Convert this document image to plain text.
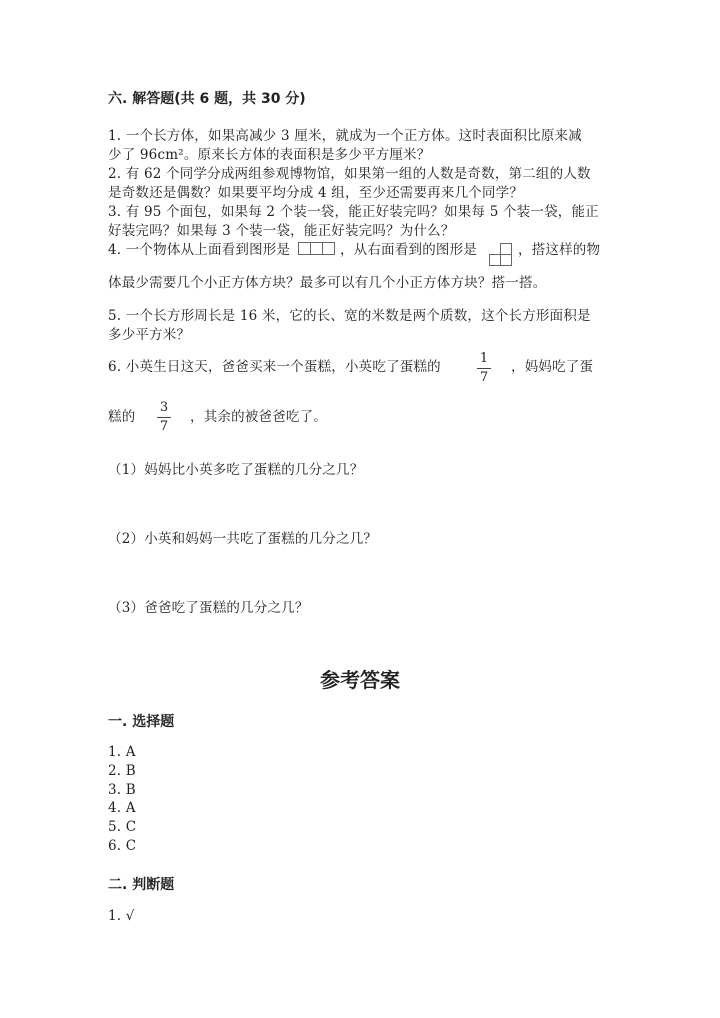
六. 解答题(共 6 题，共 30 分)
1. 一个长方体，如果高减少 3 厘米，就成为一个正方体。这时表面积比原来减
少了 96cm²。原来长方体的表面积是多少平方厘米？
2. 有 62 个同学分成两组参观博物馆，如果第一组的人数是奇数，第二组的人数
是奇数还是偶数？如果要平均分成 4 组，至少还需要再来几个同学？
3. 有 95 个面包，如果每 2 个装一袋，能正好装完吗？如果每 5 个装一袋，能正
好装完吗？如果每 3 个装一袋，能正好装完吗？为什么？
4. 一个物体从上面看到图形是	，从右面看到的图形是	，搭这样的物
体最少需要几个小正方体方块？最多可以有几个小正方体方块？搭一搭。
5. 一个长方形周长是 16 米，它的长、宽的米数是两个质数，这个长方形面积是
多少平方米？
6. 小英生日这天，爸爸买来一个蛋糕，小英吃了蛋糕的
1
7
，妈妈吃了蛋
糕的
3
7
，其余的被爸爸吃了。
（1）妈妈比小英多吃了蛋糕的几分之几？
（2）小英和妈妈一共吃了蛋糕的几分之几？
（3）爸爸吃了蛋糕的几分之几？
参考答案
一. 选择题
1. A
2. B
3. B
4. A
5. C
6. C
二. 判断题
1. √
